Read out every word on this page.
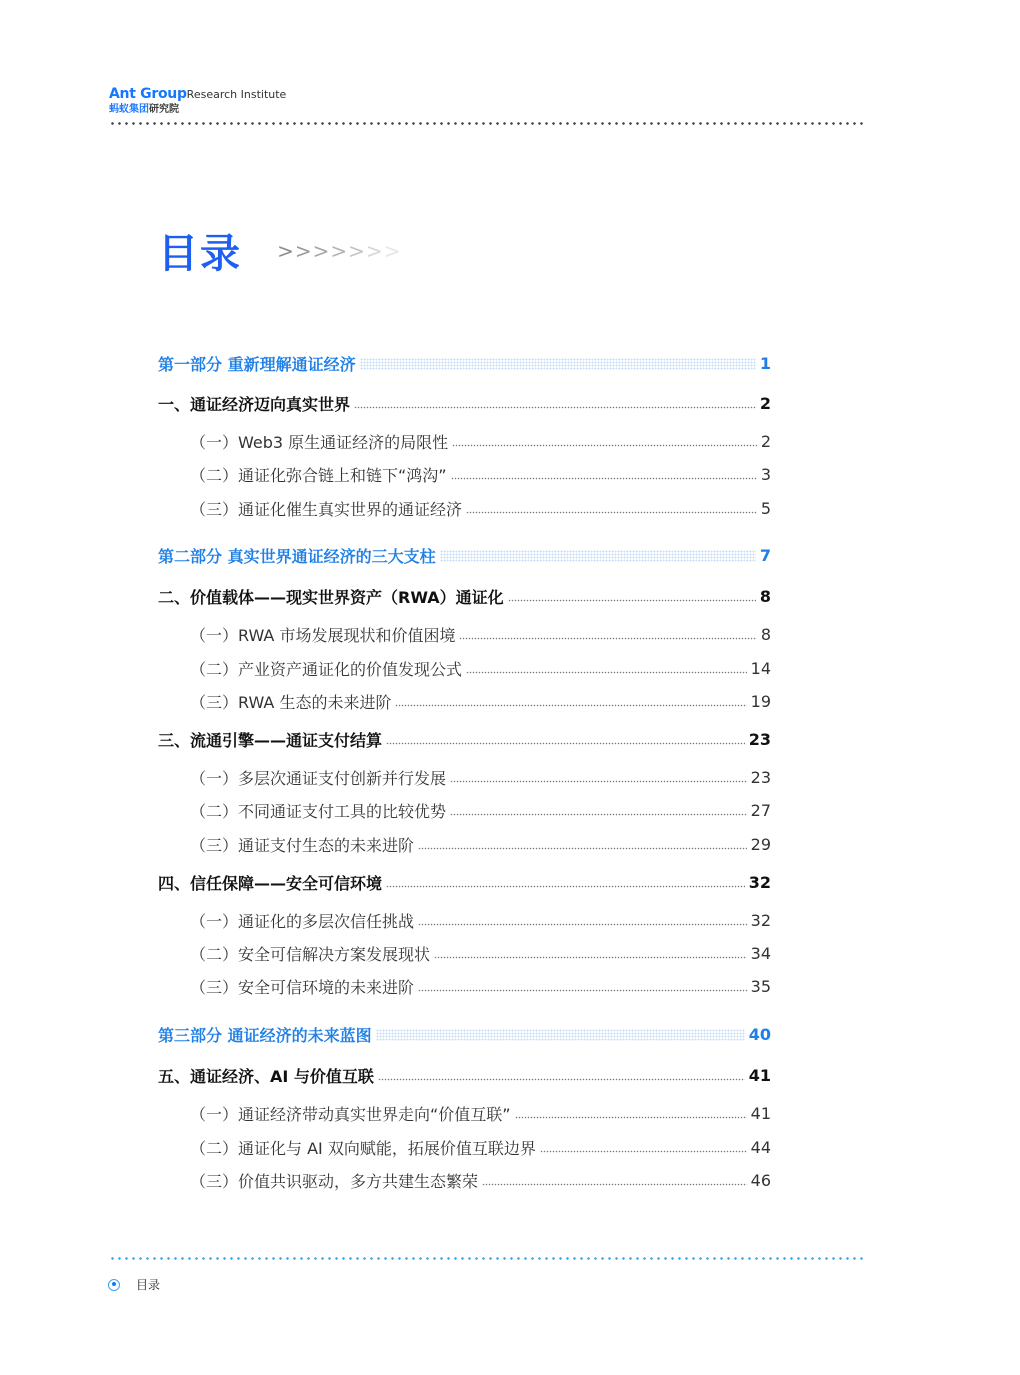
Ant GroupResearch Institute
蚂蚁集团研究院
目录 >>>>>>>
第一部分 重新理解通证经济	1
一、通证经济迈向真实世界	2
（一）Web3 原生通证经济的局限性	2
（二）通证化弥合链上和链下“鸿沟”	3
（三）通证化催生真实世界的通证经济	5
第二部分 真实世界通证经济的三大支柱	7
二、价值载体——现实世界资产（RWA）通证化	8
（一）RWA 市场发展现状和价值困境	8
（二）产业资产通证化的价值发现公式	14
（三）RWA 生态的未来进阶	19
三、流通引擎——通证支付结算	23
（一）多层次通证支付创新并行发展	23
（二）不同通证支付工具的比较优势	27
（三）通证支付生态的未来进阶	29
四、信任保障——安全可信环境	32
（一）通证化的多层次信任挑战	32
（二）安全可信解决方案发展现状	34
（三）安全可信环境的未来进阶	35
第三部分 通证经济的未来蓝图	40
五、通证经济、AI 与价值互联	41
（一）通证经济带动真实世界走向“价值互联”	41
（二）通证化与 AI 双向赋能，拓展价值互联边界	44
（三）价值共识驱动，多方共建生态繁荣	46
目录
